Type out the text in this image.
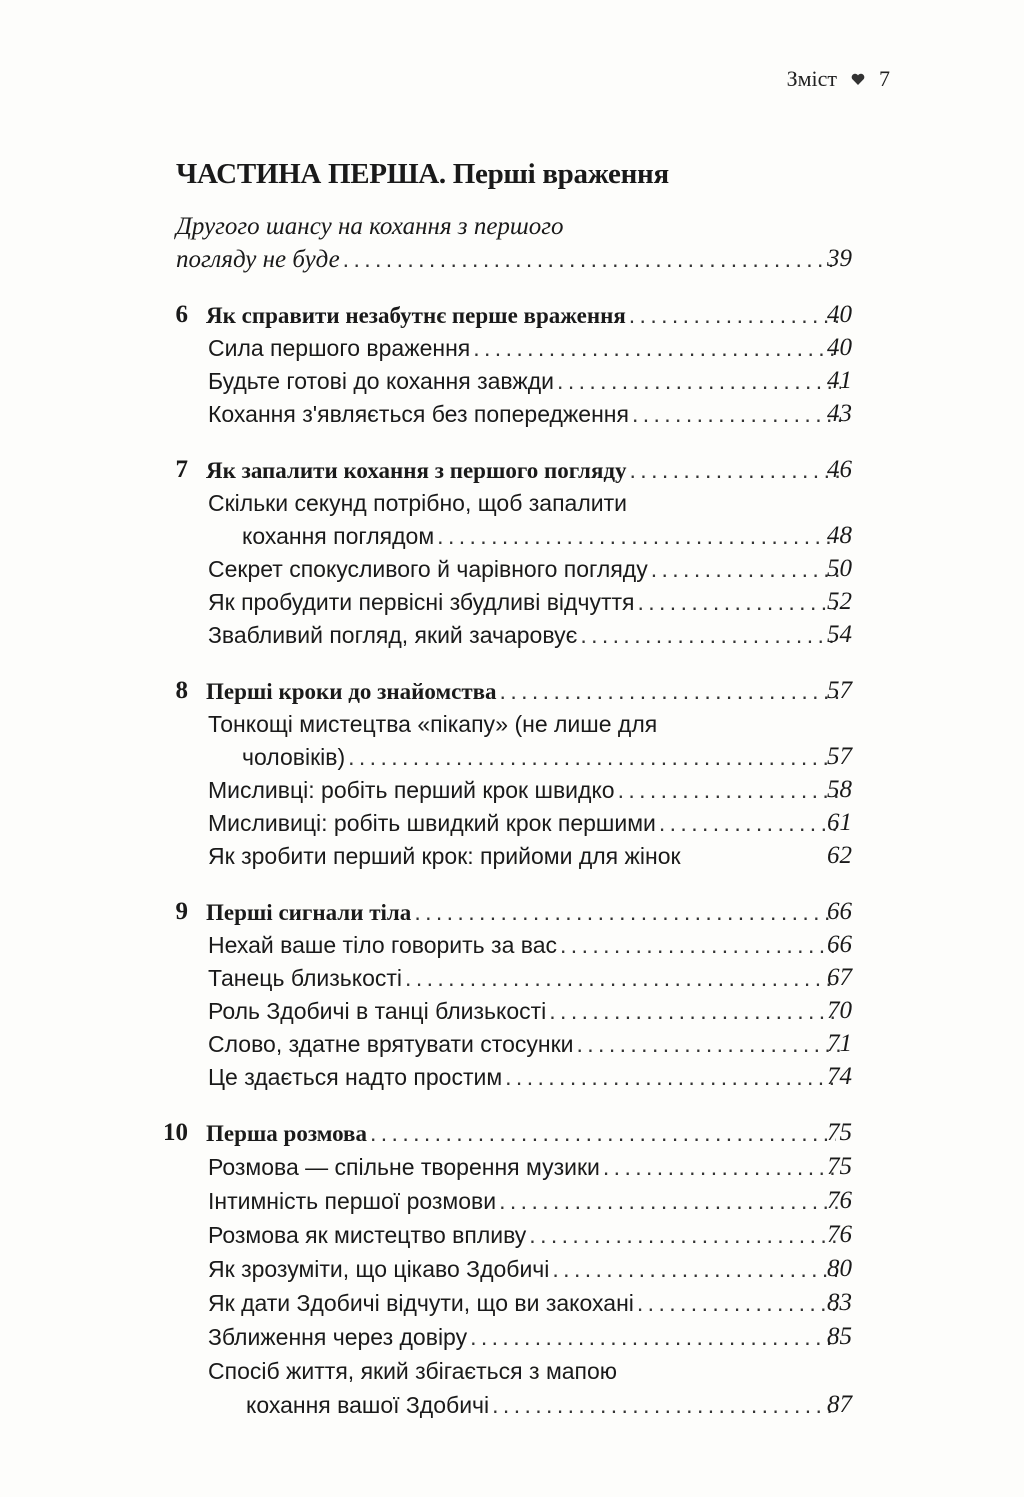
Зміст 7
ЧАСТИНА ПЕРША. Перші враження
Другого шансу на кохання з першого
погляду не буде . . .	39
6 Як справити незабутнє перше враження . . .	40
Сила першого враження . . .	40
Будьте готові до кохання завжди . . .	41
Кохання з'являється без попередження . . .	43
7 Як запалити кохання з першого погляду . . .	46
Скільки секунд потрібно, щоб запалити
кохання поглядом . . .	48
Секрет спокусливого й чарівного погляду . . .	50
Як пробудити первісні збудливі відчуття . . .	52
Звабливий погляд, який зачаровує . . .	54
8 Перші кроки до знайомства . . .	57
Тонкощі мистецтва «пікапу» (не лише для
чоловіків) . . .	57
Мисливці: робіть перший крок швидко . . .	58
Мисливиці: робіть швидкий крок першими . . .	61
Як зробити перший крок: прийоми для жінок	62
9 Перші сигнали тіла . . .	66
Нехай ваше тіло говорить за вас . . .	66
Танець близькості . . .	67
Роль Здобичі в танці близькості . . .	70
Слово, здатне врятувати стосунки . . .	71
Це здається надто простим . . .	74
10 Перша розмова . . .	75
Розмова — спільне творення музики . . .	75
Інтимність першої розмови . . .	76
Розмова як мистецтво впливу . . .	76
Як зрозуміти, що цікаво Здобичі . . .	80
Як дати Здобичі відчути, що ви закохані . . .	83
Зближення через довіру . . .	85
Спосіб життя, який збігається з мапою
кохання вашої Здобичі . . .	87
